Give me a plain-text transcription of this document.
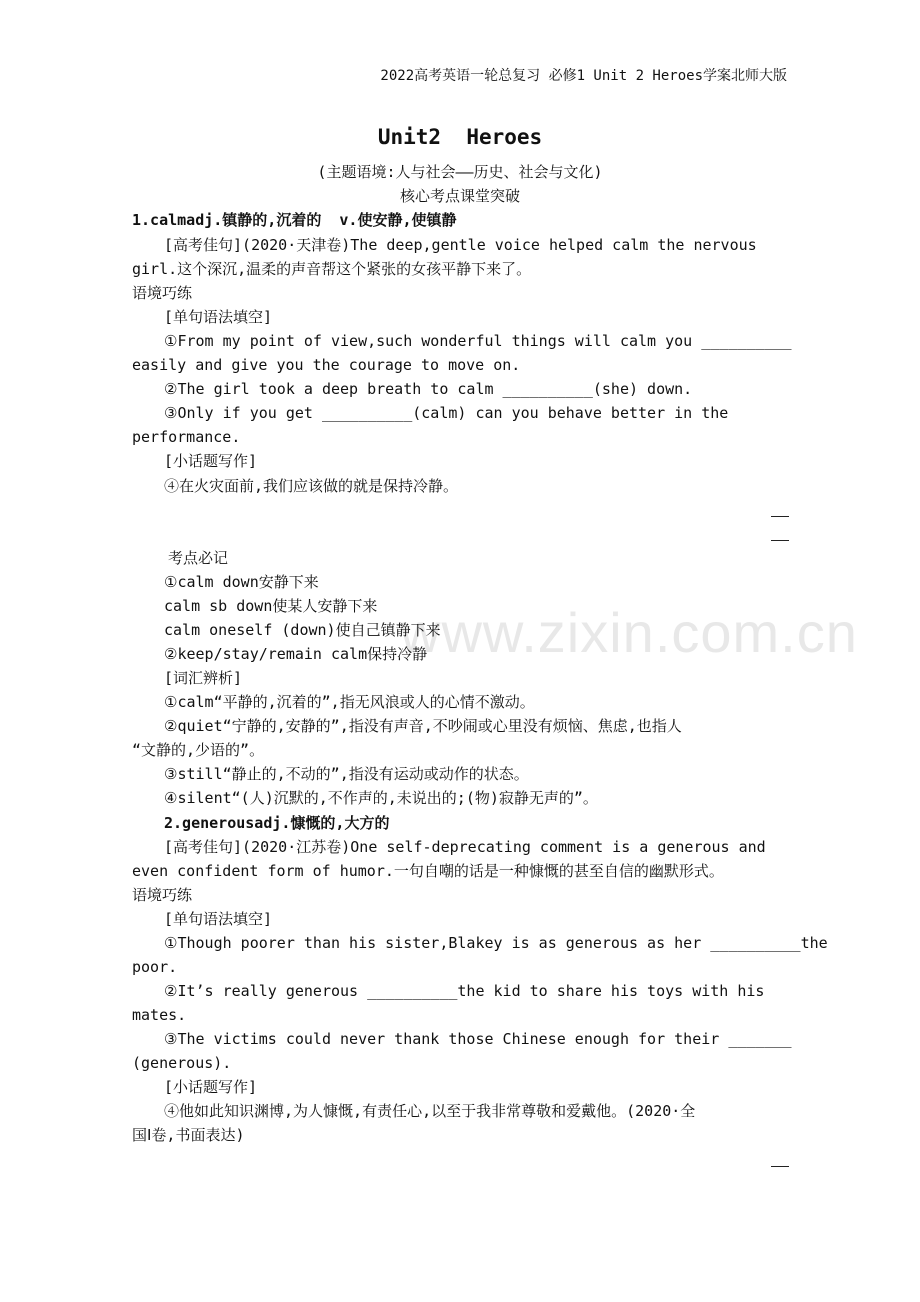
www.zixin.com.cn
2022高考英语一轮总复习 必修1 Unit 2 Heroes学案北师大版
Unit2  Heroes
(主题语境:人与社会——历史、社会与文化)
核心考点课堂突破
1.calmadj.镇静的,沉着的  v.使安静,使镇静
[高考佳句](2020·天津卷)The deep,gentle voice helped calm the nervous
girl.这个深沉,温柔的声音帮这个紧张的女孩平静下来了。
语境巧练
[单句语法填空]
①From my point of view,such wonderful things will calm you __________
easily and give you the courage to move on.
②The girl took a deep breath to calm __________(she) down.
③Only if you get __________(calm) can you behave better in the
performance.
[小话题写作]
④在火灾面前,我们应该做的就是保持冷静。
考点必记
①calm down安静下来
calm sb down使某人安静下来
calm oneself (down)使自己镇静下来
②keep/stay/remain calm保持冷静
[词汇辨析]
①calm“平静的,沉着的”,指无风浪或人的心情不激动。
②quiet“宁静的,安静的”,指没有声音,不吵闹或心里没有烦恼、焦虑,也指人
“文静的,少语的”。
③still“静止的,不动的”,指没有运动或动作的状态。
④silent“(人)沉默的,不作声的,未说出的;(物)寂静无声的”。
2.generousadj.慷慨的,大方的
[高考佳句](2020·江苏卷)One self-deprecating comment is a generous and
even confident form of humor.一句自嘲的话是一种慷慨的甚至自信的幽默形式。
语境巧练
[单句语法填空]
①Though poorer than his sister,Blakey is as generous as her __________the
poor.
②It’s really generous __________the kid to share his toys with his
mates.
③The victims could never thank those Chinese enough for their _______
(generous).
[小话题写作]
④他如此知识渊博,为人慷慨,有责任心,以至于我非常尊敬和爱戴他。(2020·全
国Ⅰ卷,书面表达)
